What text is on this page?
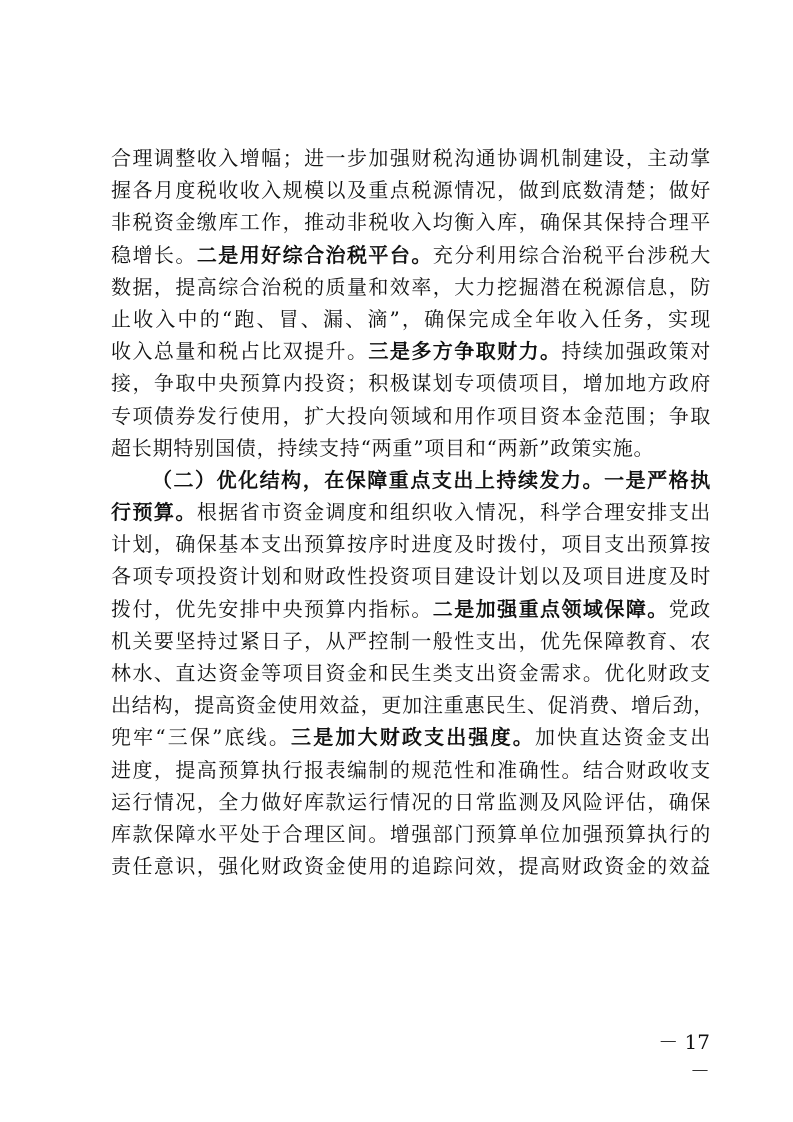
合理调整收入增幅；进一步加强财税沟通协调机制建设，主动掌
握各月度税收收入规模以及重点税源情况，做到底数清楚；做好
非税资金缴库工作，推动非税收入均衡入库，确保其保持合理平
稳增长。二是用好综合治税平台。充分利用综合治税平台涉税大
数据，提高综合治税的质量和效率，大力挖掘潜在税源信息，防
止收入中的“跑、冒、漏、滴”，确保完成全年收入任务，实现
收入总量和税占比双提升。三是多方争取财力。持续加强政策对
接，争取中央预算内投资；积极谋划专项债项目，增加地方政府
专项债券发行使用，扩大投向领域和用作项目资本金范围；争取
超长期特别国债，持续支持“两重”项目和“两新”政策实施。
（二）优化结构，在保障重点支出上持续发力。一是严格执
行预算。根据省市资金调度和组织收入情况，科学合理安排支出
计划，确保基本支出预算按序时进度及时拨付，项目支出预算按
各项专项投资计划和财政性投资项目建设计划以及项目进度及时
拨付，优先安排中央预算内指标。二是加强重点领域保障。党政
机关要坚持过紧日子，从严控制一般性支出，优先保障教育、农
林水、直达资金等项目资金和民生类支出资金需求。优化财政支
出结构，提高资金使用效益，更加注重惠民生、促消费、增后劲，
兜牢“三保”底线。三是加大财政支出强度。加快直达资金支出
进度，提高预算执行报表编制的规范性和准确性。结合财政收支
运行情况，全力做好库款运行情况的日常监测及风险评估，确保
库款保障水平处于合理区间。增强部门预算单位加强预算执行的
责任意识，强化财政资金使用的追踪问效，提高财政资金的效益
－ 17 －
